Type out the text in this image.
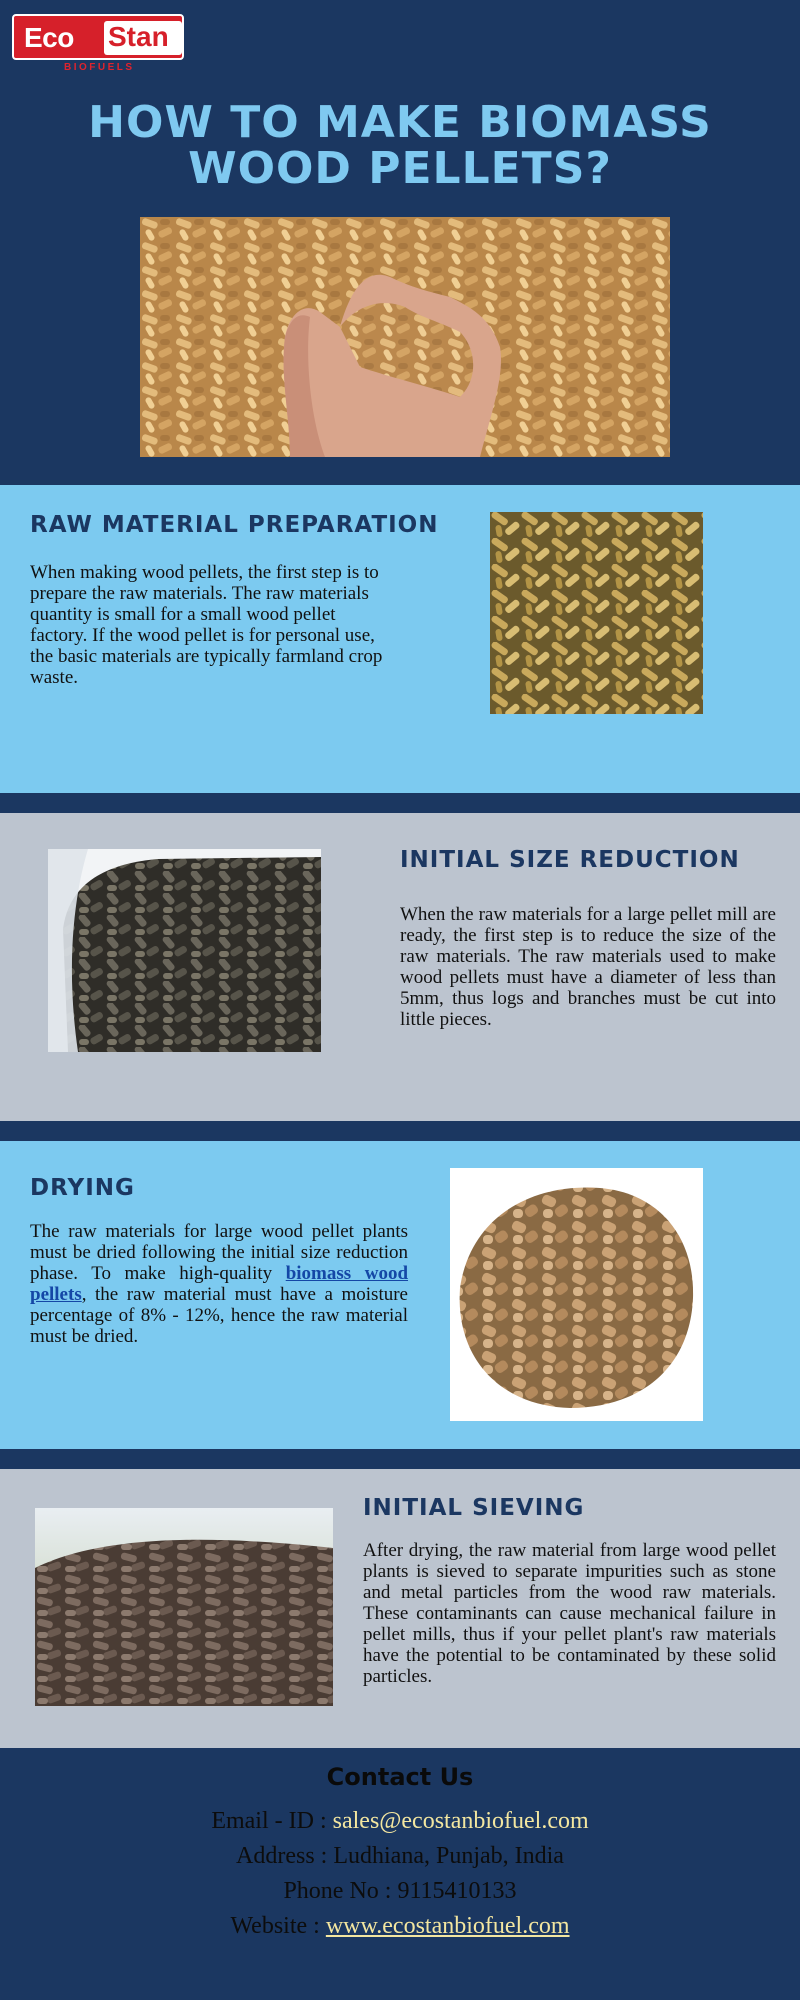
Eco Stan
BIOFUELS
HOW TO MAKE BIOMASS
WOOD PELLETS?
RAW MATERIAL PREPARATION
When making wood pellets, the first step is to prepare the raw materials. The raw materials quantity is small for a small wood pellet factory. If the wood pellet is for personal use, the basic materials are typically farmland crop waste.
INITIAL SIZE REDUCTION
When the raw materials for a large pellet mill are ready, the first step is to reduce the size of the raw materials. The raw materials used to make wood pellets must have a diameter of less than 5mm, thus logs and branches must be cut into little pieces.
DRYING
The raw materials for large wood pellet plants must be dried following the initial size reduction phase. To make high-quality biomass wood pellets, the raw material must have a moisture percentage of 8% - 12%, hence the raw material must be dried.
INITIAL SIEVING
After drying, the raw material from large wood pellet plants is sieved to separate impurities such as stone and metal particles from the wood raw materials. These contaminants can cause mechanical failure in pellet mills, thus if your pellet plant's raw materials have the potential to be contaminated by these solid particles.
Contact Us
Email - ID : sales@ecostanbiofuel.com
Address : Ludhiana, Punjab, India
Phone No : 9115410133
Website : www.ecostanbiofuel.com
